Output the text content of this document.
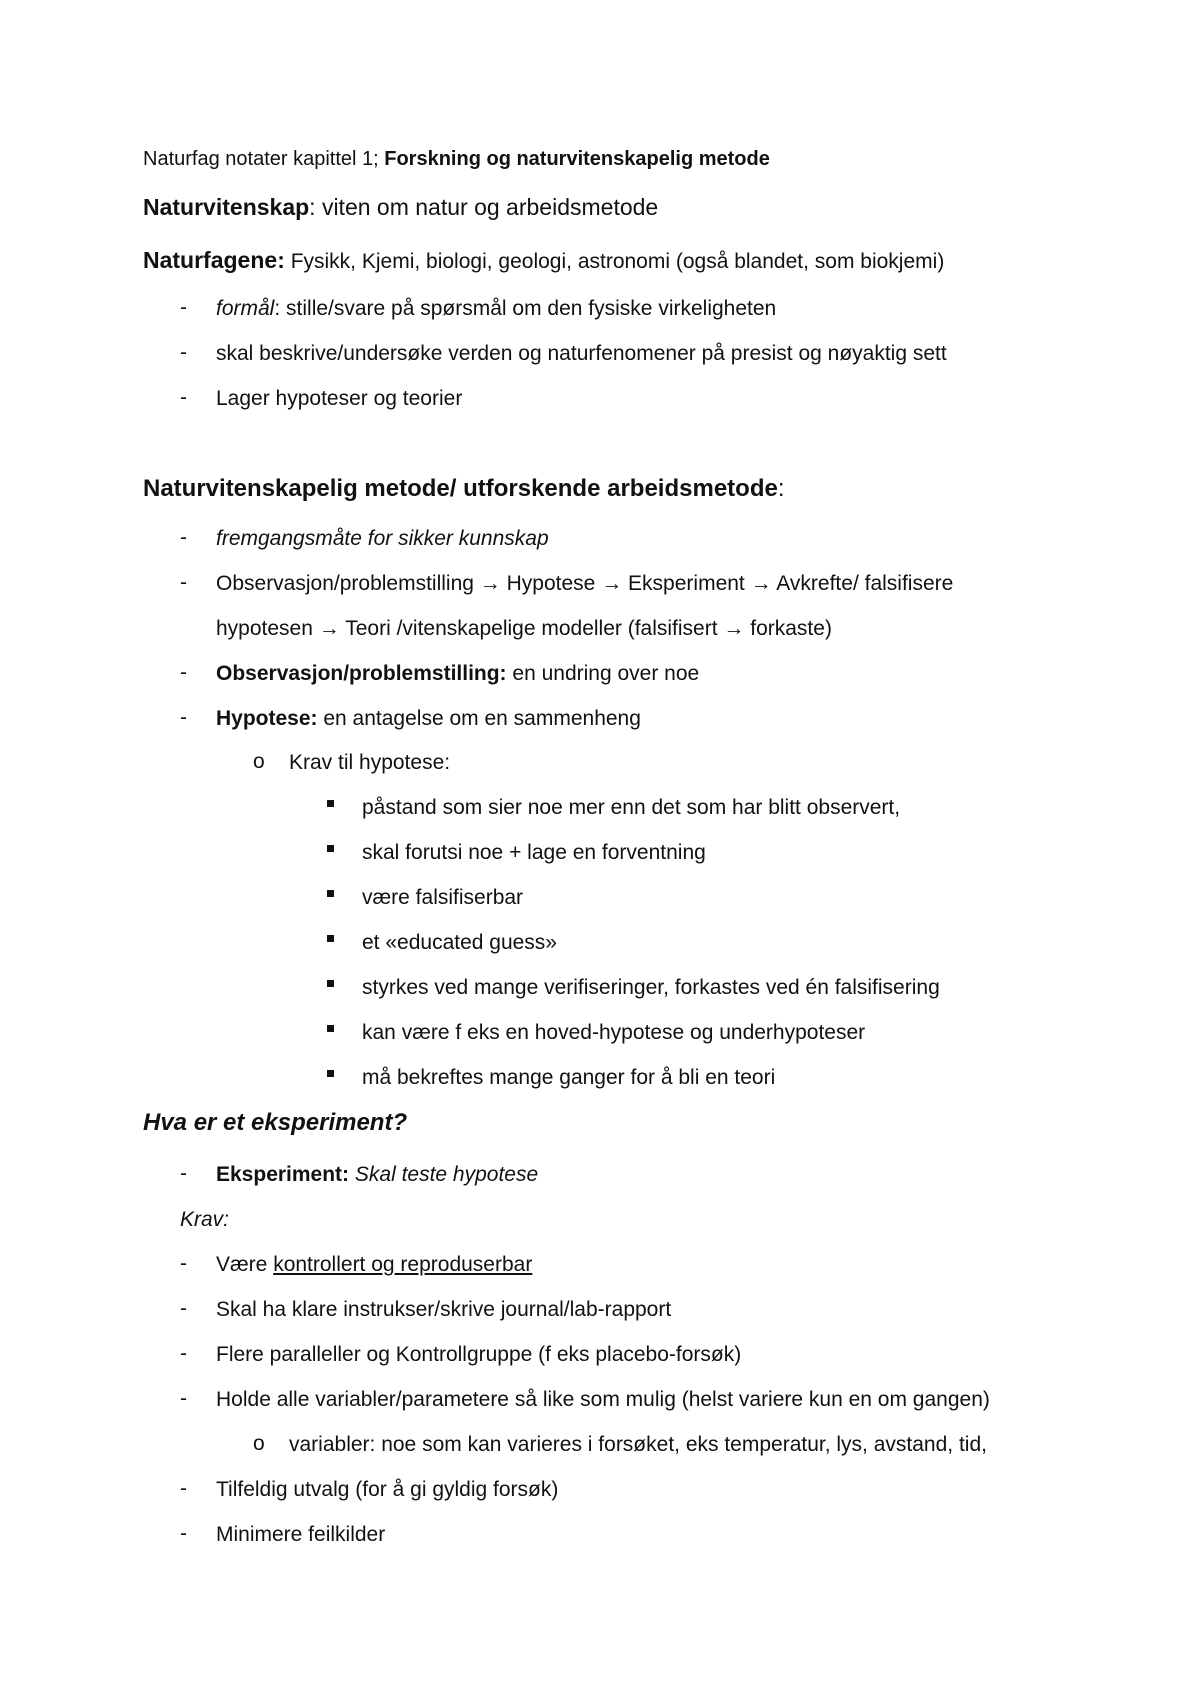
Naturfag notater kapittel 1; Forskning og naturvitenskapelig metode
Naturvitenskap: viten om natur og arbeidsmetode
Naturfagene: Fysikk, Kjemi, biologi, geologi, astronomi (også blandet, som biokjemi)
- formål: stille/svare på spørsmål om den fysiske virkeligheten
- skal beskrive/undersøke verden og naturfenomener på presist og nøyaktig sett
- Lager hypoteser og teorier
Naturvitenskapelig metode/ utforskende arbeidsmetode:
- fremgangsmåte for sikker kunnskap
- Observasjon/problemstilling → Hypotese → Eksperiment → Avkrefte/ falsifisere
hypotesen → Teori /vitenskapelige modeller (falsifisert → forkaste)
- Observasjon/problemstilling: en undring over noe
- Hypotese: en antagelse om en sammenheng
o Krav til hypotese:
påstand som sier noe mer enn det som har blitt observert,
skal forutsi noe + lage en forventning
være falsifiserbar
et «educated guess»
styrkes ved mange verifiseringer, forkastes ved én falsifisering
kan være f eks en hoved-hypotese og underhypoteser
må bekreftes mange ganger for å bli en teori
Hva er et eksperiment?
- Eksperiment: Skal teste hypotese
Krav:
- Være kontrollert og reproduserbar
- Skal ha klare instrukser/skrive journal/lab-rapport
- Flere paralleller og Kontrollgruppe (f eks placebo-forsøk)
- Holde alle variabler/parametere så like som mulig (helst variere kun en om gangen)
o variabler: noe som kan varieres i forsøket, eks temperatur, lys, avstand, tid,
- Tilfeldig utvalg (for å gi gyldig forsøk)
- Minimere feilkilder
